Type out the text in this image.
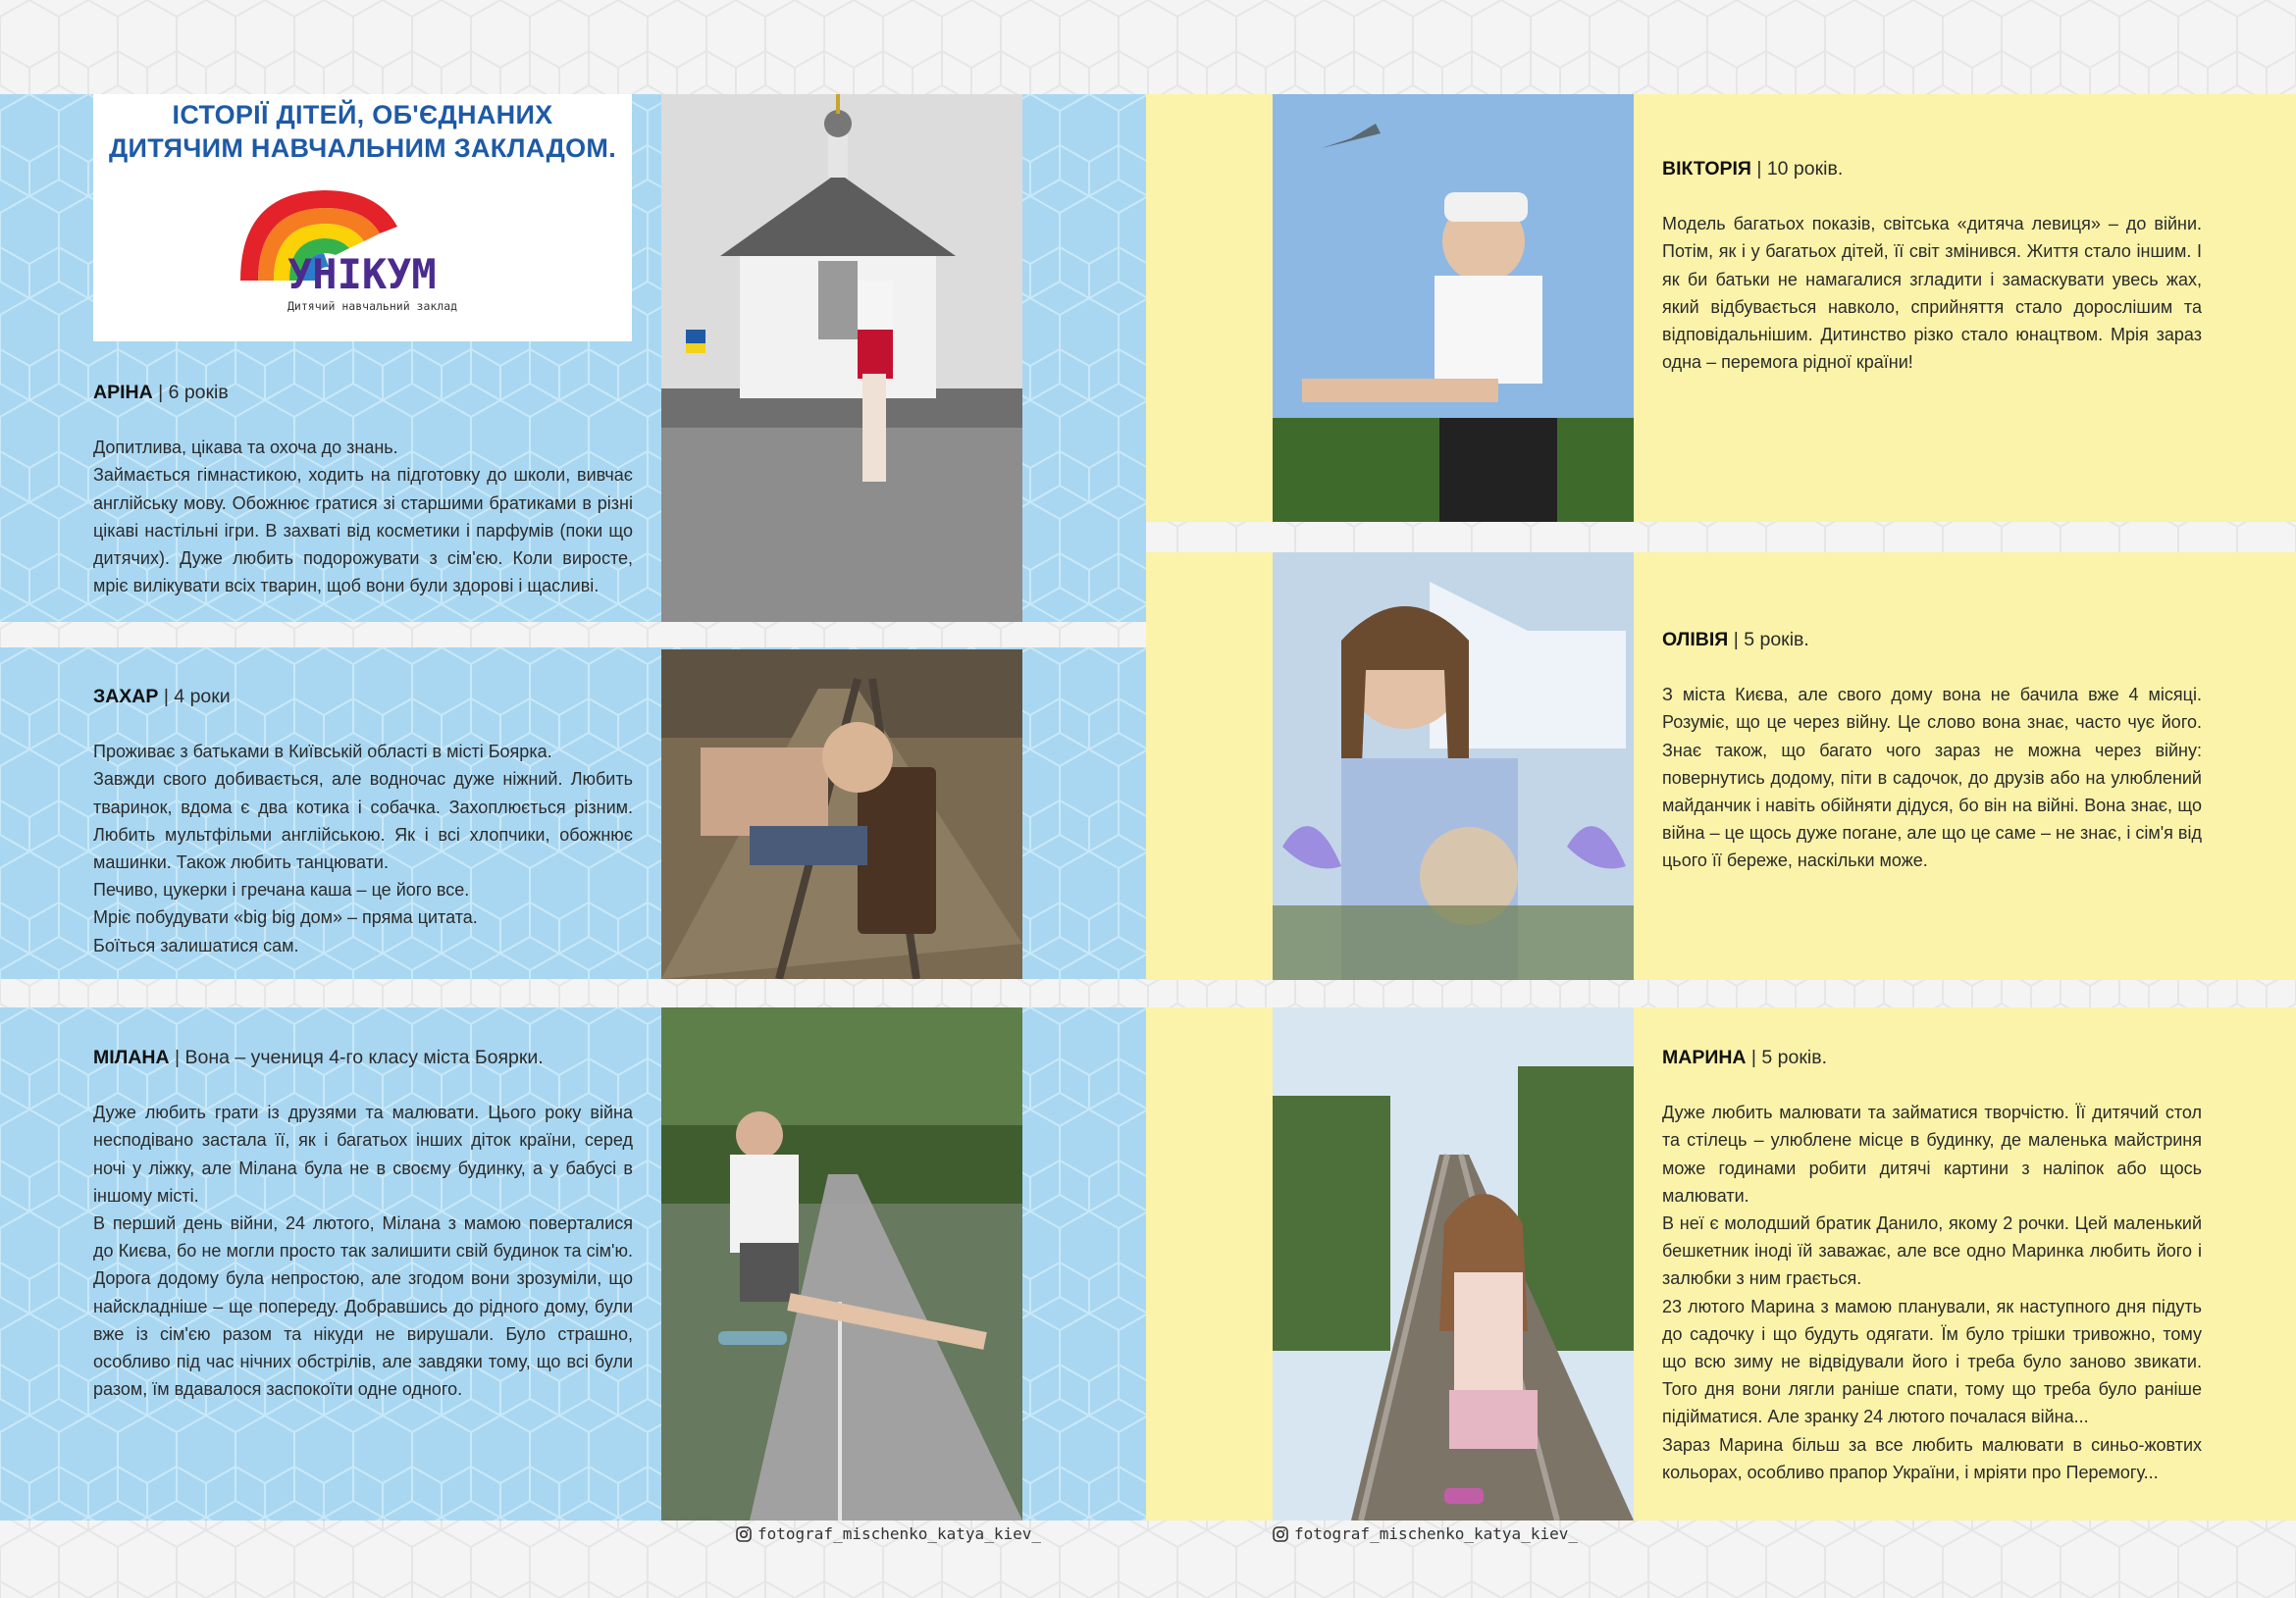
ІСТОРІЇ ДІТЕЙ, ОБ'ЄДНАНИХ
ДИТЯЧИМ НАВЧАЛЬНИМ ЗАКЛАДОМ.
УНІКУМ
Дитячий навчальний заклад
АРІНА | 6 років

Допитлива, цікава та охоча до знань.

Займається гімнастикою, ходить на підготовку до школи, вивчає англійську мову. Обожнює гратися зі старшими братиками в різні цікаві настільні ігри. В захваті від косметики і парфумів (поки що дитячих). Дуже любить подорожувати з сім'єю. Коли виросте, мріє вилікувати всіх тварин, щоб вони були здорові і щасливі.

ЗАХАР | 4 роки

Проживає з батьками в Київській області в місті Боярка.

Завжди свого добивається, але водночас дуже ніжний. Любить тваринок, вдома є два котика і собачка. Захоплюється різним. Любить мультфільми англійською. Як і всі хлопчики, обожнює машинки. Також любить танцювати.

Печиво, цукерки і гречана каша – це його все.

Мріє побудувати «big big дом» – пряма цитата.

Боїться залишатися сам.

МІЛАНА | Вона – учениця 4-го класу міста Боярки.

Дуже любить грати із друзями та малювати. Цього року війна несподівано застала її, як і багатьох інших діток країни, серед ночі у ліжку, але Мілана була не в своєму будинку, а у бабусі в іншому місті.

В перший день війни, 24 лютого, Мілана з мамою поверталися до Києва, бо не могли просто так залишити свій будинок та сім'ю. Дорога додому була непростою, але згодом вони зрозуміли, що найскладніше – ще попереду. Добравшись до рідного дому, були вже із сім'єю разом та нікуди не вирушали. Було страшно, особливо під час нічних обстрілів, але завдяки тому, що всі були разом, їм вдавалося заспокоїти одне одного.

ВІКТОРІЯ | 10 років.

Модель багатьох показів, світська «дитяча левиця» – до війни. Потім, як і у багатьох дітей, її світ змінився. Життя стало іншим. І як би батьки не намагалися згладити і замаскувати увесь жах, який відбувається навколо, сприйняття стало дорослішим та відповідальнішим. Дитинство різко стало юнацтвом. Мрія зараз одна – перемога рідної країни!

ОЛІВІЯ | 5 років.

З міста Києва, але свого дому вона не бачила вже 4 місяці. Розуміє, що це через війну. Це слово вона знає, часто чує його. Знає також, що багато чого зараз не можна через війну: повернутись додому, піти в садочок, до друзів або на улюблений майданчик і навіть обійняти дідуся, бо він на війні. Вона знає, що війна – це щось дуже погане, але що це саме – не знає, і сім'я від цього її береже, наскільки може.

МАРИНА | 5 років.

Дуже любить малювати та займатися творчістю. Її дитячий стол та стілець – улюблене місце в будинку, де маленька майстриня може годинами робити дитячі картини з наліпок або щось малювати.

В неї є молодший братик Данило, якому 2 рочки. Цей маленький бешкетник іноді їй заважає, але все одно Маринка любить його і залюбки з ним грається.

23 лютого Марина з мамою планували, як наступного дня підуть до садочку і що будуть одягати. Їм було трішки тривожно, тому що всю зиму не відвідували його і треба було заново звикати. Того дня вони лягли раніше спати, тому що треба було раніше підійматися. Але зранку 24 лютого почалася війна...

Зараз Марина більш за все любить малювати в синьо-жовтих кольорах, особливо прапор України, і мріяти про Перемогу...

fotograf_mischenko_katya_kiev_	fotograf_mischenko_katya_kiev_
